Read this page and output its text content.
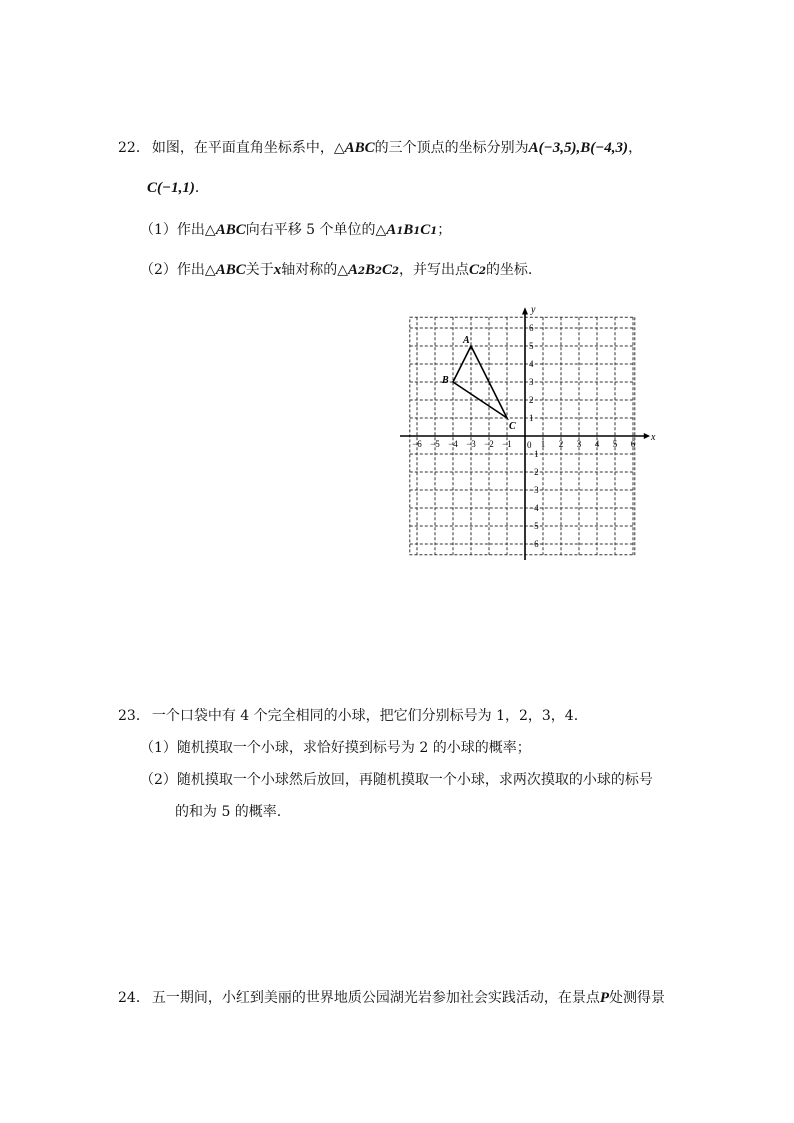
22． 如图，在平面直角坐标系中，△ ABC 的三个顶点的坐标分别为 A(−3,5) , B(−4,3) ，
C(−1,1) ．
（1） 作出△ ABC 向右平移 5 个单位的△ A 1 B 1 C 1 ；
（2） 作出△ ABC 关于 x 轴对称的△ A 2 B 2 C 2 ，并写出点 C 2 的坐标.
x
y
0
−6 −5 −4 −3 −2 −1	1 2 3 4 5 6
−6
−5
−4
−3
−2
−1
1
2
3
4
5
6
A
B
C
23． 一个口袋中有 4 个完全相同的小球，把它们分别标号为 1，2，3，4.
（1） 随机摸取一个小球，求恰好摸到标号为 2 的小球的概率；
（2） 随机摸取一个小球然后放回，再随机摸取一个小球，求两次摸取的小球的标号
的和为 5 的概率.
24． 五一期间，小红到美丽的世界地质公园湖光岩参加社会实践活动，在景点 P 处测得景
